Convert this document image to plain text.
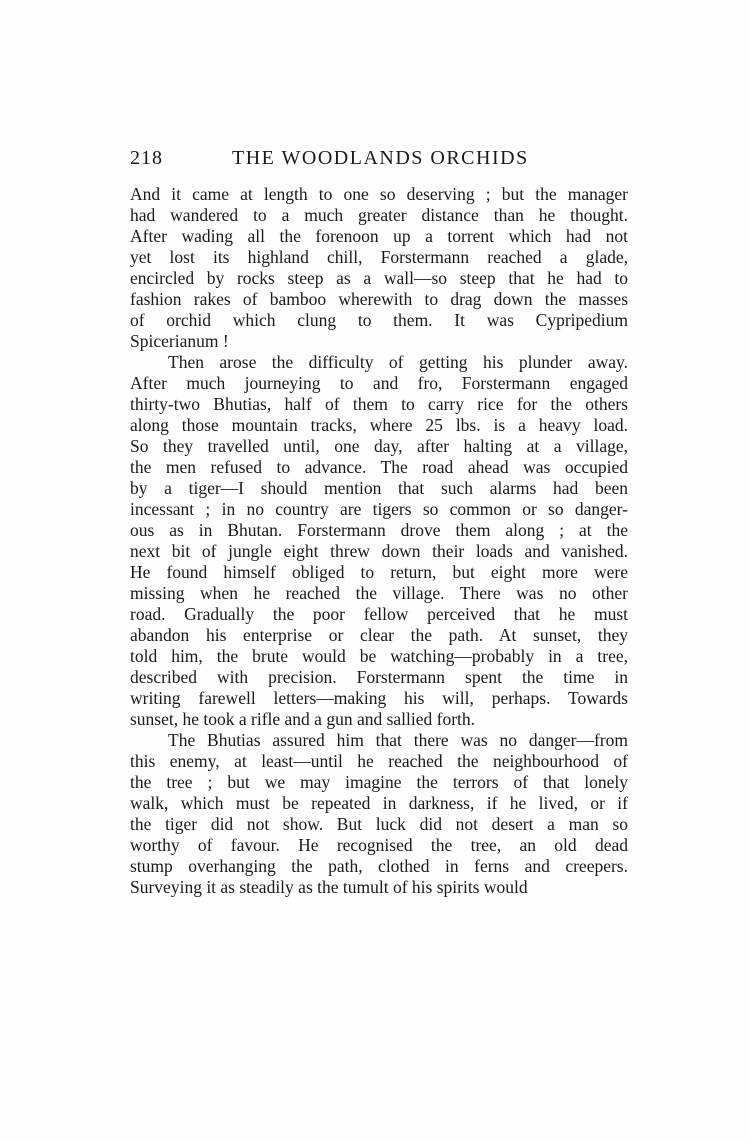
218	THE WOODLANDS ORCHIDS
And it came at length to one so deserving ; but the manager
had wandered to a much greater distance than he thought.
After wading all the forenoon up a torrent which had not
yet lost its highland chill, Forstermann reached a glade,
encircled by rocks steep as a wall—so steep that he had to
fashion rakes of bamboo wherewith to drag down the masses
of orchid which clung to them. It was Cypripedium
Spicerianum !
Then arose the difficulty of getting his plunder away.
After much journeying to and fro, Forstermann engaged
thirty-two Bhutias, half of them to carry rice for the others
along those mountain tracks, where 25 lbs. is a heavy load.
So they travelled until, one day, after halting at a village,
the men refused to advance. The road ahead was occupied
by a tiger—I should mention that such alarms had been
incessant ; in no country are tigers so common or so danger-
ous as in Bhutan. Forstermann drove them along ; at the
next bit of jungle eight threw down their loads and vanished.
He found himself obliged to return, but eight more were
missing when he reached the village. There was no other
road. Gradually the poor fellow perceived that he must
abandon his enterprise or clear the path. At sunset, they
told him, the brute would be watching—probably in a tree,
described with precision. Forstermann spent the time in
writing farewell letters—making his will, perhaps. Towards
sunset, he took a rifle and a gun and sallied forth.
The Bhutias assured him that there was no danger—from
this enemy, at least—until he reached the neighbourhood of
the tree ; but we may imagine the terrors of that lonely
walk, which must be repeated in darkness, if he lived, or if
the tiger did not show. But luck did not desert a man so
worthy of favour. He recognised the tree, an old dead
stump overhanging the path, clothed in ferns and creepers.
Surveying it as steadily as the tumult of his spirits would
